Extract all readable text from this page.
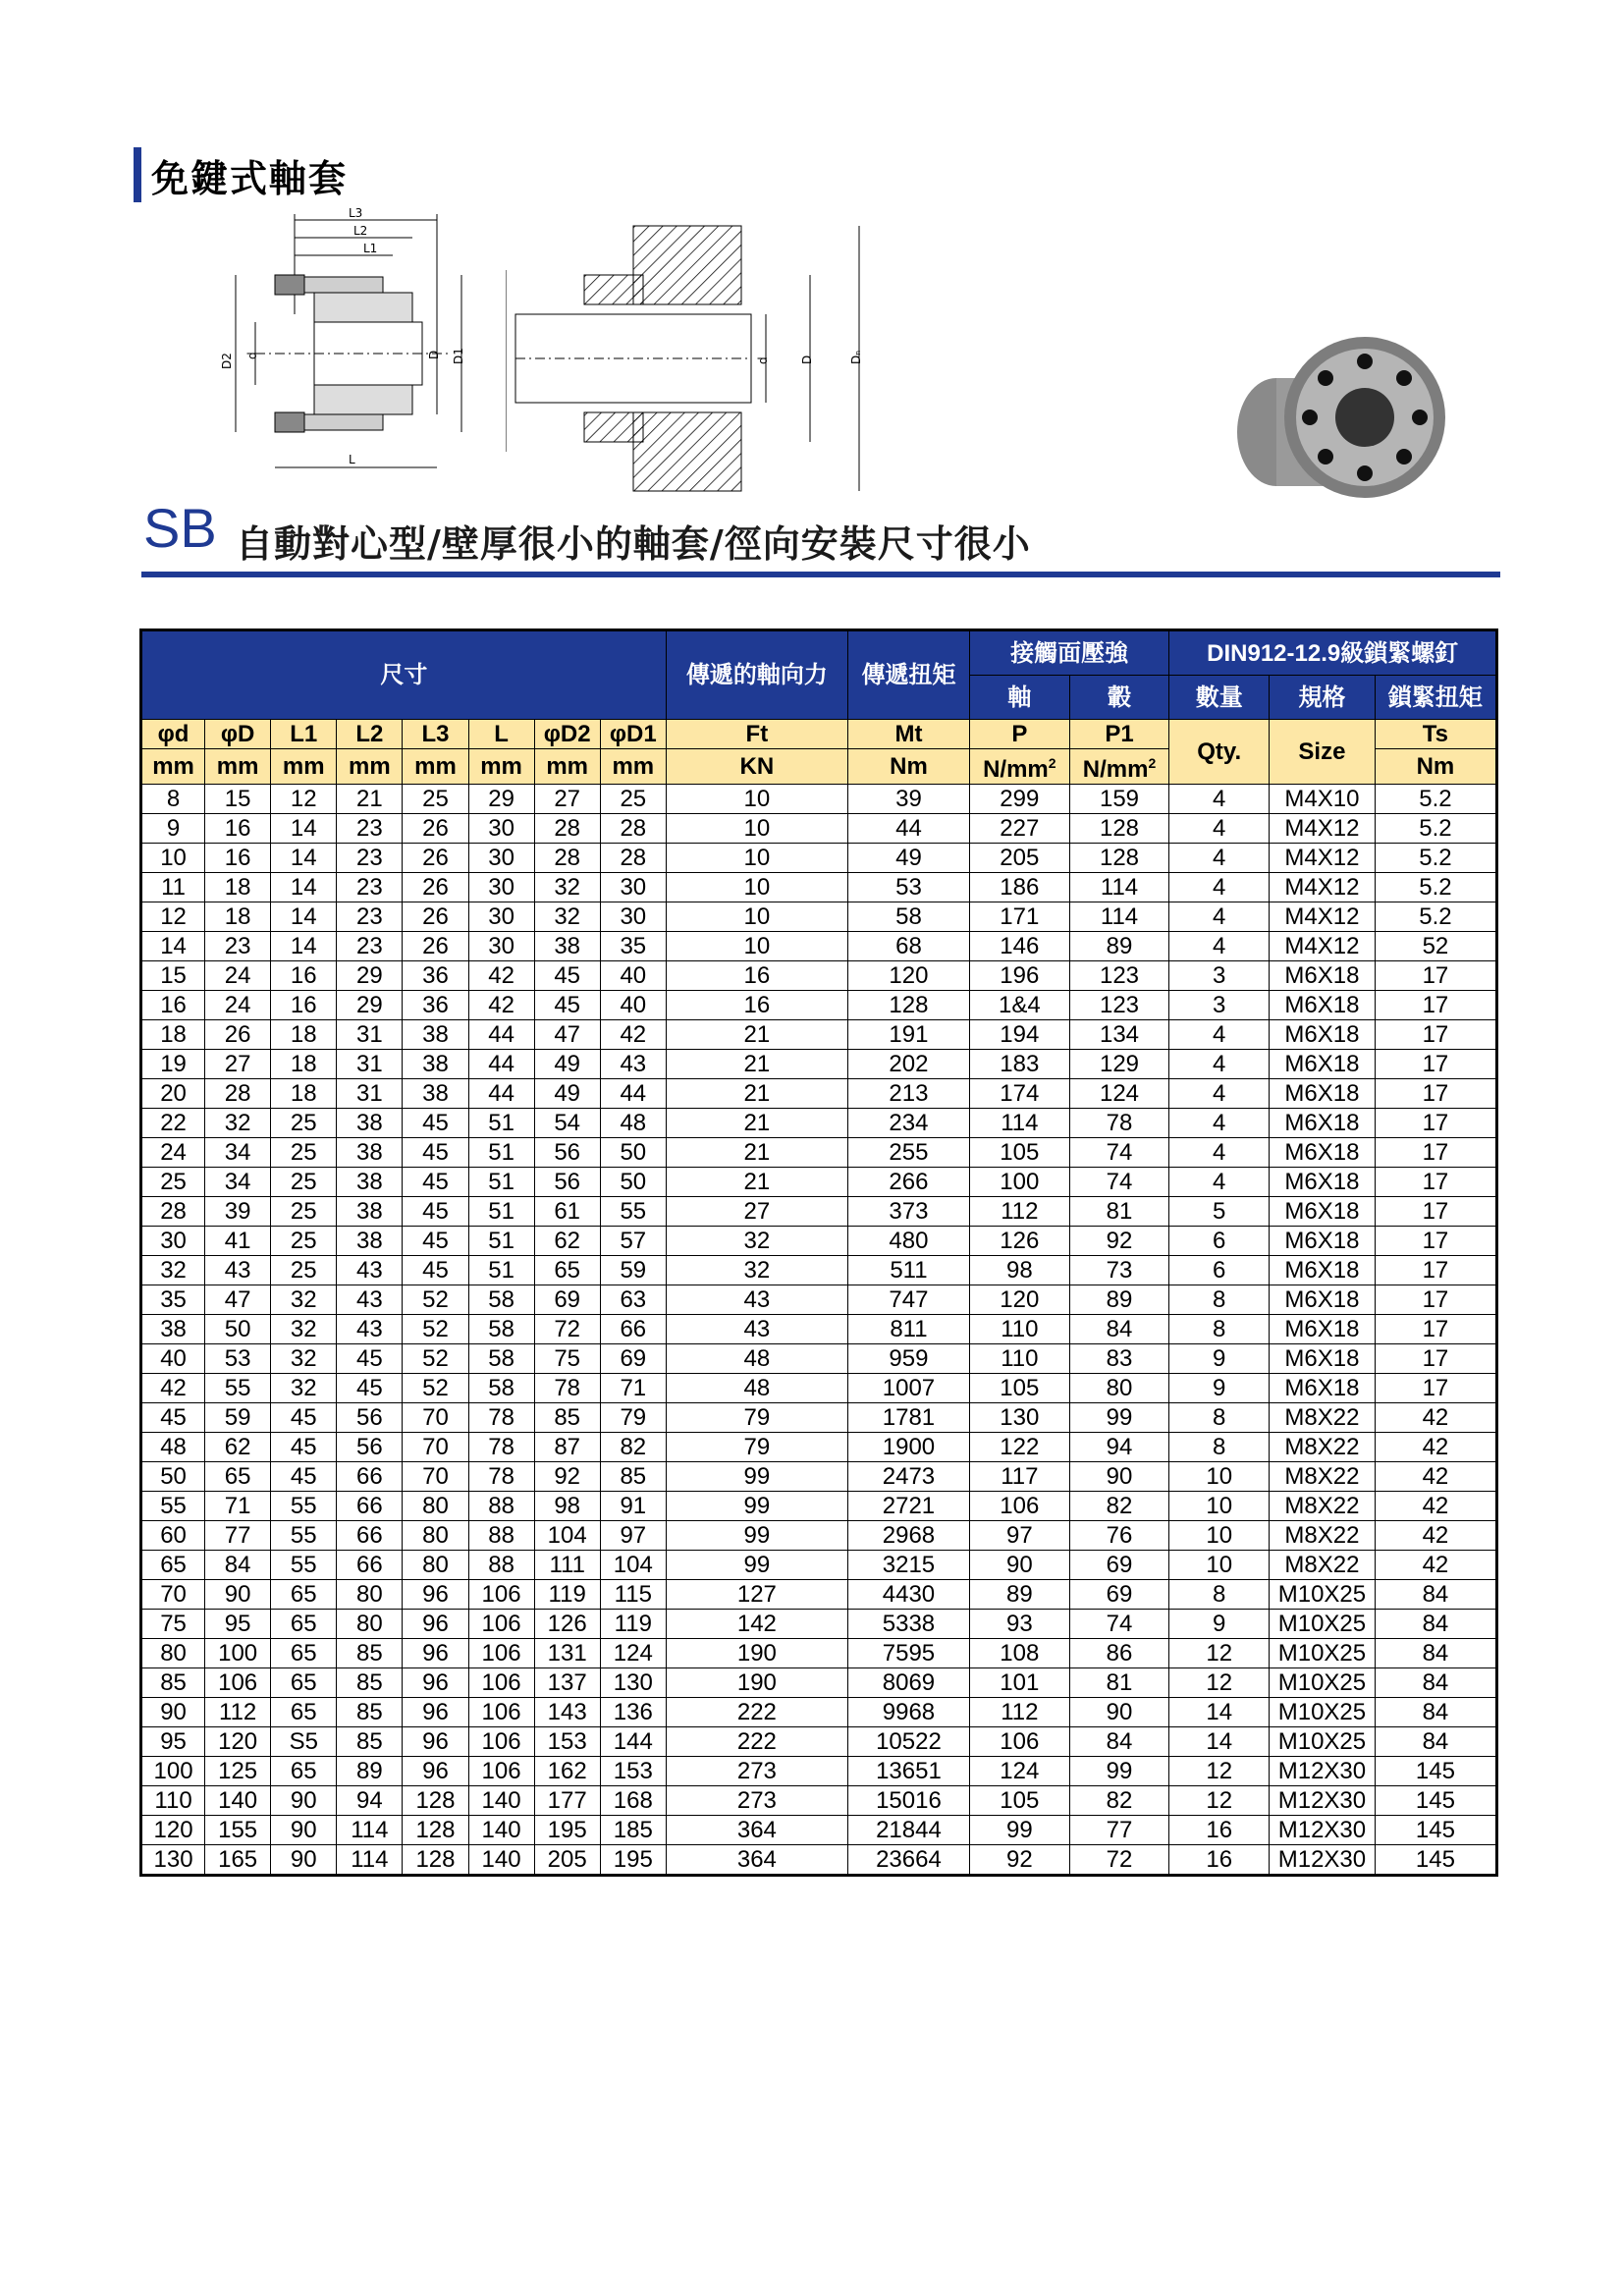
免鍵式軸套
L3
L2
L1
D2 d	D D1
L
d	D	Dₙ
SB 自動對心型/壁厚很小的軸套/徑向安裝尺寸很小
尺寸								傳遞的軸向力	傳遞扭矩	接觸面壓強		DIN912-12.9級鎖緊螺釘		
										軸	轂	數量	規格	鎖緊扭矩
φd	φD	L1	L2	L3	L	φD2	φD1	Ft	Mt	P	P1	Qty.	Size	Ts
mm	mm	mm	mm	mm	mm	mm	mm	KN	Nm	$N/mm^2$	$N/mm^2$			Nm
8	15	12	21	25	29	27	25	10	39	299	159	4	M4X10	5.2
9	16	14	23	26	30	28	28	10	44	227	128	4	M4X12	5.2
10	16	14	23	26	30	28	28	10	49	205	128	4	M4X12	5.2
11	18	14	23	26	30	32	30	10	53	186	114	4	M4X12	5.2
12	18	14	23	26	30	32	30	10	58	171	114	4	M4X12	5.2
14	23	14	23	26	30	38	35	10	68	146	89	4	M4X12	52
15	24	16	29	36	42	45	40	16	120	196	123	3	M6X18	17
16	24	16	29	36	42	45	40	16	128	1&4	123	3	M6X18	17
18	26	18	31	38	44	47	42	21	191	194	134	4	M6X18	17
19	27	18	31	38	44	49	43	21	202	183	129	4	M6X18	17
20	28	18	31	38	44	49	44	21	213	174	124	4	M6X18	17
22	32	25	38	45	51	54	48	21	234	114	78	4	M6X18	17
24	34	25	38	45	51	56	50	21	255	105	74	4	M6X18	17
25	34	25	38	45	51	56	50	21	266	100	74	4	M6X18	17
28	39	25	38	45	51	61	55	27	373	112	81	5	M6X18	17
30	41	25	38	45	51	62	57	32	480	126	92	6	M6X18	17
32	43	25	43	45	51	65	59	32	511	98	73	6	M6X18	17
35	47	32	43	52	58	69	63	43	747	120	89	8	M6X18	17
38	50	32	43	52	58	72	66	43	811	110	84	8	M6X18	17
40	53	32	45	52	58	75	69	48	959	110	83	9	M6X18	17
42	55	32	45	52	58	78	71	48	1007	105	80	9	M6X18	17
45	59	45	56	70	78	85	79	79	1781	130	99	8	M8X22	42
48	62	45	56	70	78	87	82	79	1900	122	94	8	M8X22	42
50	65	45	66	70	78	92	85	99	2473	117	90	10	M8X22	42
55	71	55	66	80	88	98	91	99	2721	106	82	10	M8X22	42
60	77	55	66	80	88	104	97	99	2968	97	76	10	M8X22	42
65	84	55	66	80	88	111	104	99	3215	90	69	10	M8X22	42
70	90	65	80	96	106	119	115	127	4430	89	69	8	M10X25	84
75	95	65	80	96	106	126	119	142	5338	93	74	9	M10X25	84
80	100	65	85	96	106	131	124	190	7595	108	86	12	M10X25	84
85	106	65	85	96	106	137	130	190	8069	101	81	12	M10X25	84
90	112	65	85	96	106	143	136	222	9968	112	90	14	M10X25	84
95	120	S5	85	96	106	153	144	222	10522	106	84	14	M10X25	84
100	125	65	89	96	106	162	153	273	13651	124	99	12	M12X30	145
110	140	90	94	128	140	177	168	273	15016	105	82	12	M12X30	145
120	155	90	114	128	140	195	185	364	21844	99	77	16	M12X30	145
130	165	90	114	128	140	205	195	364	23664	92	72	16	M12X30	145
